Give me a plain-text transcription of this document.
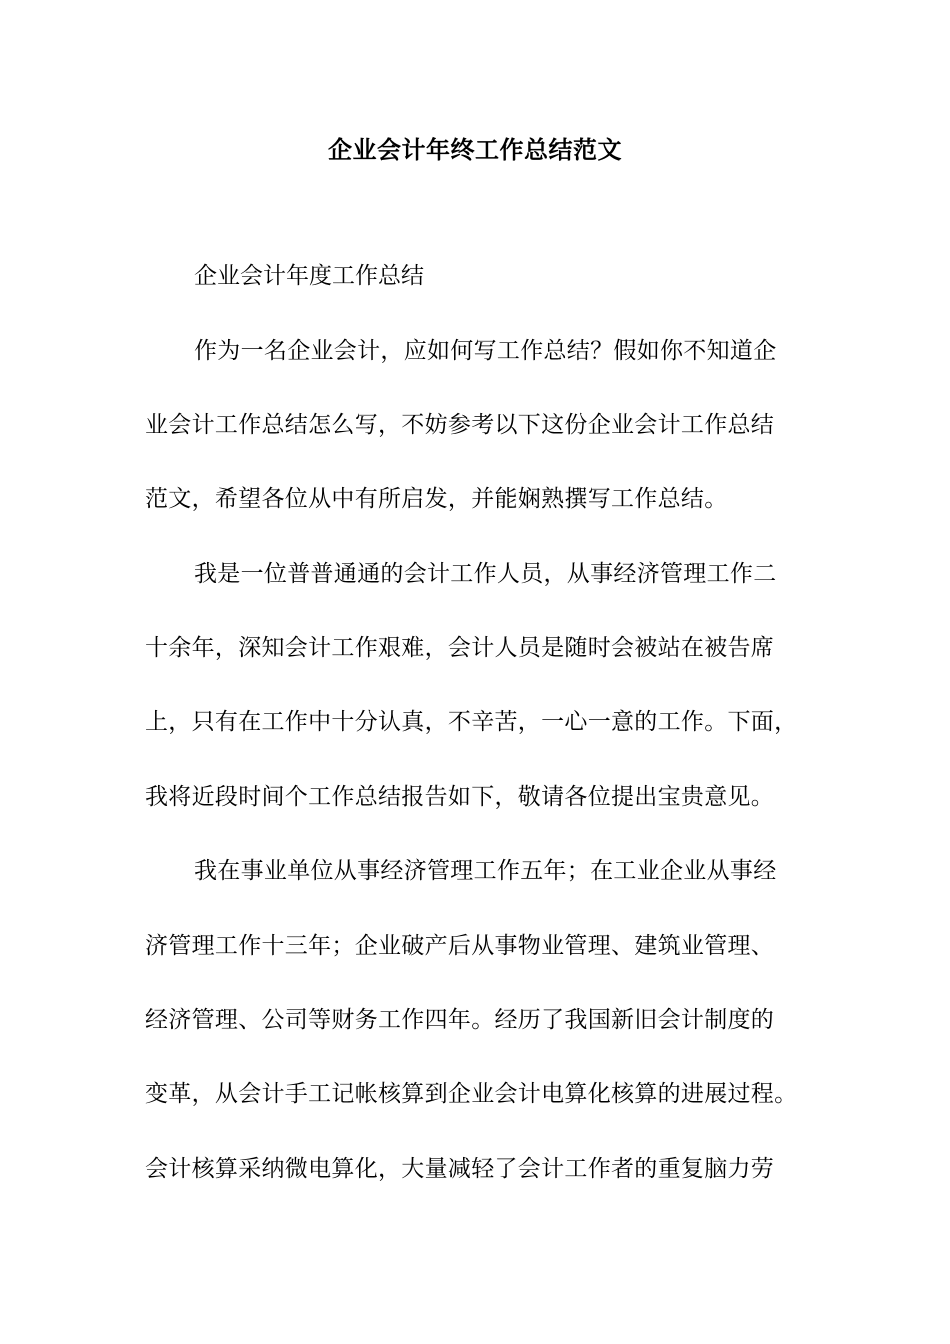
企业会计年终工作总结范文
企业会计年度工作总结
作为一名企业会计，应如何写工作总结？假如你不知道企
业会计工作总结怎么写，不妨参考以下这份企业会计工作总结
范文，希望各位从中有所启发，并能娴熟撰写工作总结。
我是一位普普通通的会计工作人员，从事经济管理工作二
十余年，深知会计工作艰难，会计人员是随时会被站在被告席
上，只有在工作中十分认真，不辛苦，一心一意的工作。下面，
我将近段时间个工作总结报告如下，敬请各位提出宝贵意见。
我在事业单位从事经济管理工作五年；在工业企业从事经
济管理工作十三年；企业破产后从事物业管理、建筑业管理、
经济管理、公司等财务工作四年。经历了我国新旧会计制度的
变革，从会计手工记帐核算到企业会计电算化核算的进展过程。
会计核算采纳微电算化，大量减轻了会计工作者的重复脑力劳
